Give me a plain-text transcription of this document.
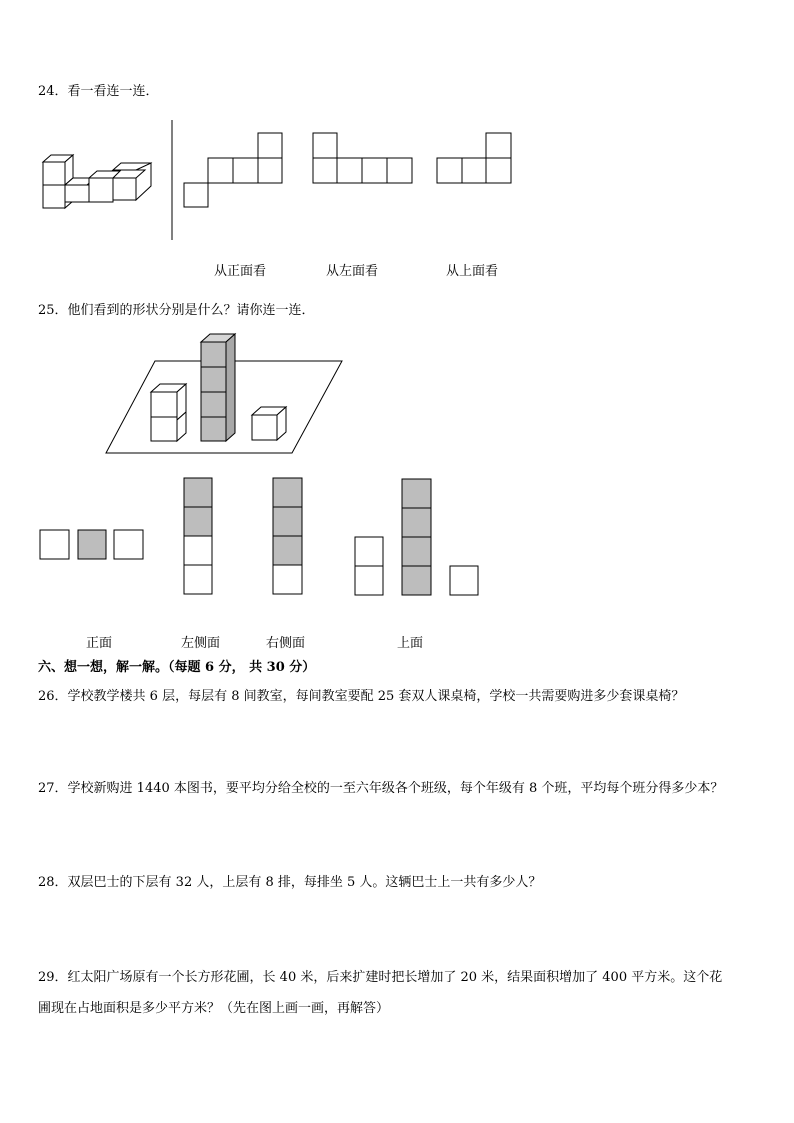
24．看一看连一连．
从正面看	从左面看	从上面看
25．他们看到的形状分别是什么？请你连一连．
正面	左侧面	右侧面	上面
六、想一想，解一解。（每题 6 分， 共 30 分）
26．学校教学楼共 6 层，每层有 8 间教室，每间教室要配 25 套双人课桌椅，学校一共需要购进多少套课桌椅？
27．学校新购进 1440 本图书，要平均分给全校的一至六年级各个班级，每个年级有 8 个班，平均每个班分得多少本？
28．双层巴士的下层有 32 人，上层有 8 排，每排坐 5 人。这辆巴士上一共有多少人？
29．红太阳广场原有一个长方形花圃，长 40 米，后来扩建时把长增加了 20 米，结果面积增加了 400 平方米。这个花
圃现在占地面积是多少平方米？（先在图上画一画，再解答）
